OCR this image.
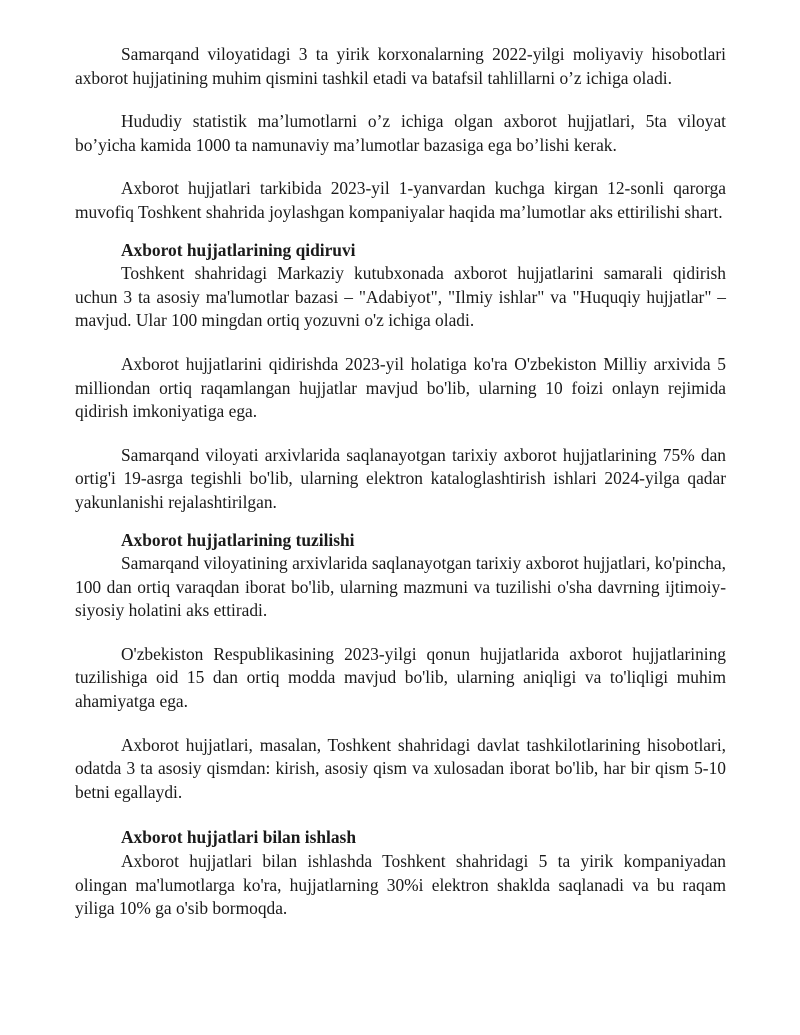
Samarqand viloyatidagi 3 ta yirik korxonalarning 2022-yilgi moliyaviy hisobotlari axborot hujjatining muhim qismini tashkil etadi va batafsil tahlillarni o’z ichiga oladi.

Hududiy statistik ma’lumotlarni o’z ichiga olgan axborot hujjatlari, 5ta viloyat bo’yicha kamida 1000 ta namunaviy ma’lumotlar bazasiga ega bo’lishi kerak.

Axborot hujjatlari tarkibida 2023-yil 1-yanvardan kuchga kirgan 12-sonli qarorga muvofiq Toshkent shahrida joylashgan kompaniyalar haqida ma’lumotlar aks ettirilishi shart.

Axborot hujjatlarining qidiruvi

Toshkent shahridagi Markaziy kutubxonada axborot hujjatlarini samarali qidirish uchun 3 ta asosiy ma'lumotlar bazasi – "Adabiyot", "Ilmiy ishlar" va "Huquqiy hujjatlar" – mavjud. Ular 100 mingdan ortiq yozuvni o'z ichiga oladi.

Axborot hujjatlarini qidirishda 2023-yil holatiga ko'ra O'zbekiston Milliy arxivida 5 milliondan ortiq raqamlangan hujjatlar mavjud bo'lib, ularning 10 foizi onlayn rejimida qidirish imkoniyatiga ega.

Samarqand viloyati arxivlarida saqlanayotgan tarixiy axborot hujjatlarining 75% dan ortig'i 19-asrga tegishli bo'lib, ularning elektron kataloglashtirish ishlari 2024-yilga qadar yakunlanishi rejalashtirilgan.

Axborot hujjatlarining tuzilishi

Samarqand viloyatining arxivlarida saqlanayotgan tarixiy axborot hujjatlari, ko'pincha, 100 dan ortiq varaqdan iborat bo'lib, ularning mazmuni va tuzilishi o'sha davrning ijtimoiy-siyosiy holatini aks ettiradi.

O'zbekiston Respublikasining 2023-yilgi qonun hujjatlarida axborot hujjatlarining tuzilishiga oid 15 dan ortiq modda mavjud bo'lib, ularning aniqligi va to'liqligi muhim ahamiyatga ega.

Axborot hujjatlari, masalan, Toshkent shahridagi davlat tashkilotlarining hisobotlari, odatda 3 ta asosiy qismdan: kirish, asosiy qism va xulosadan iborat bo'lib, har bir qism 5-10 betni egallaydi.

Axborot hujjatlari bilan ishlash

Axborot hujjatlari bilan ishlashda Toshkent shahridagi 5 ta yirik kompaniyadan olingan ma'lumotlarga ko'ra, hujjatlarning 30%i elektron shaklda saqlanadi va bu raqam yiliga 10% ga o'sib bormoqda.
